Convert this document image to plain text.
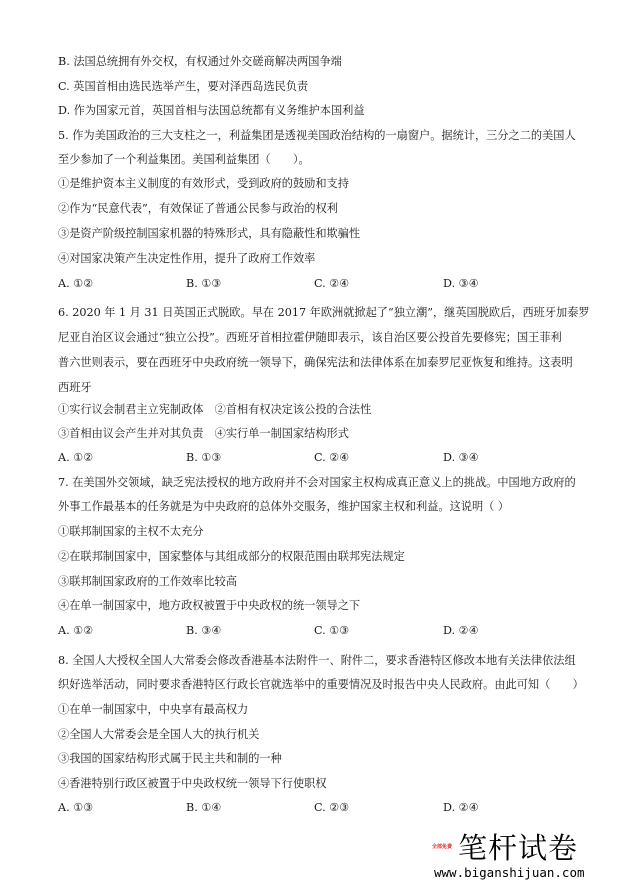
B. 法国总统拥有外交权，有权通过外交磋商解决两国争端
C. 英国首相由选民选举产生，要对泽西岛选民负责
D. 作为国家元首，英国首相与法国总统都有义务维护本国利益
5. 作为美国政治的三大支柱之一，利益集团是透视美国政治结构的一扇窗户。据统计，三分之二的美国人
至少参加了一个利益集团。美国利益集团（　　）。
①是维护资本主义制度的有效形式，受到政府的鼓励和支持
②作为“民意代表”，有效保证了普通公民参与政治的权利
③是资产阶级控制国家机器的特殊形式，具有隐蔽性和欺骗性
④对国家决策产生决定性作用，提升了政府工作效率
A. ①②	B. ①③	C. ②④	D. ③④
6. 2020 年 1 月 31 日英国正式脱欧。早在 2017 年欧洲就掀起了“独立潮”，继英国脱欧后，西班牙加泰罗
尼亚自治区议会通过“独立公投”。西班牙首相拉霍伊随即表示，该自治区要公投首先要修宪；国王菲利
普六世则表示，要在西班牙中央政府统一领导下，确保宪法和法律体系在加泰罗尼亚恢复和维持。这表明
西班牙
①实行议会制君主立宪制政体　②首相有权决定该公投的合法性
③首相由议会产生并对其负责　④实行单一制国家结构形式
A. ①②	B. ①③	C. ②④	D. ③④
7. 在美国外交领域，缺乏宪法授权的地方政府并不会对国家主权构成真正意义上的挑战。中国地方政府的
外事工作最基本的任务就是为中央政府的总体外交服务，维护国家主权和利益。这说明（ ）
①联邦制国家的主权不太充分
②在联邦制国家中，国家整体与其组成部分的权限范围由联邦宪法规定
③联邦制国家政府的工作效率比较高
④在单一制国家中，地方政权被置于中央政权的统一领导之下
A. ①②	B. ③④	C. ①③	D. ②④
8. 全国人大授权全国人大常委会修改香港基本法附件一、附件二，要求香港特区修改本地有关法律依法组
织好选举活动，同时要求香港特区行政长官就选举中的重要情况及时报告中央人民政府。由此可知（　　）
①在单一制国家中，中央享有最高权力
②全国人大常委会是全国人大的执行机关
③我国的国家结构形式属于民主共和制的一种
④香港特别行政区被置于中央政权统一领导下行使职权
A. ①③	B. ①④	C. ②③	D. ②④
全部免费 笔杆试卷
www.biganshijuan.com
